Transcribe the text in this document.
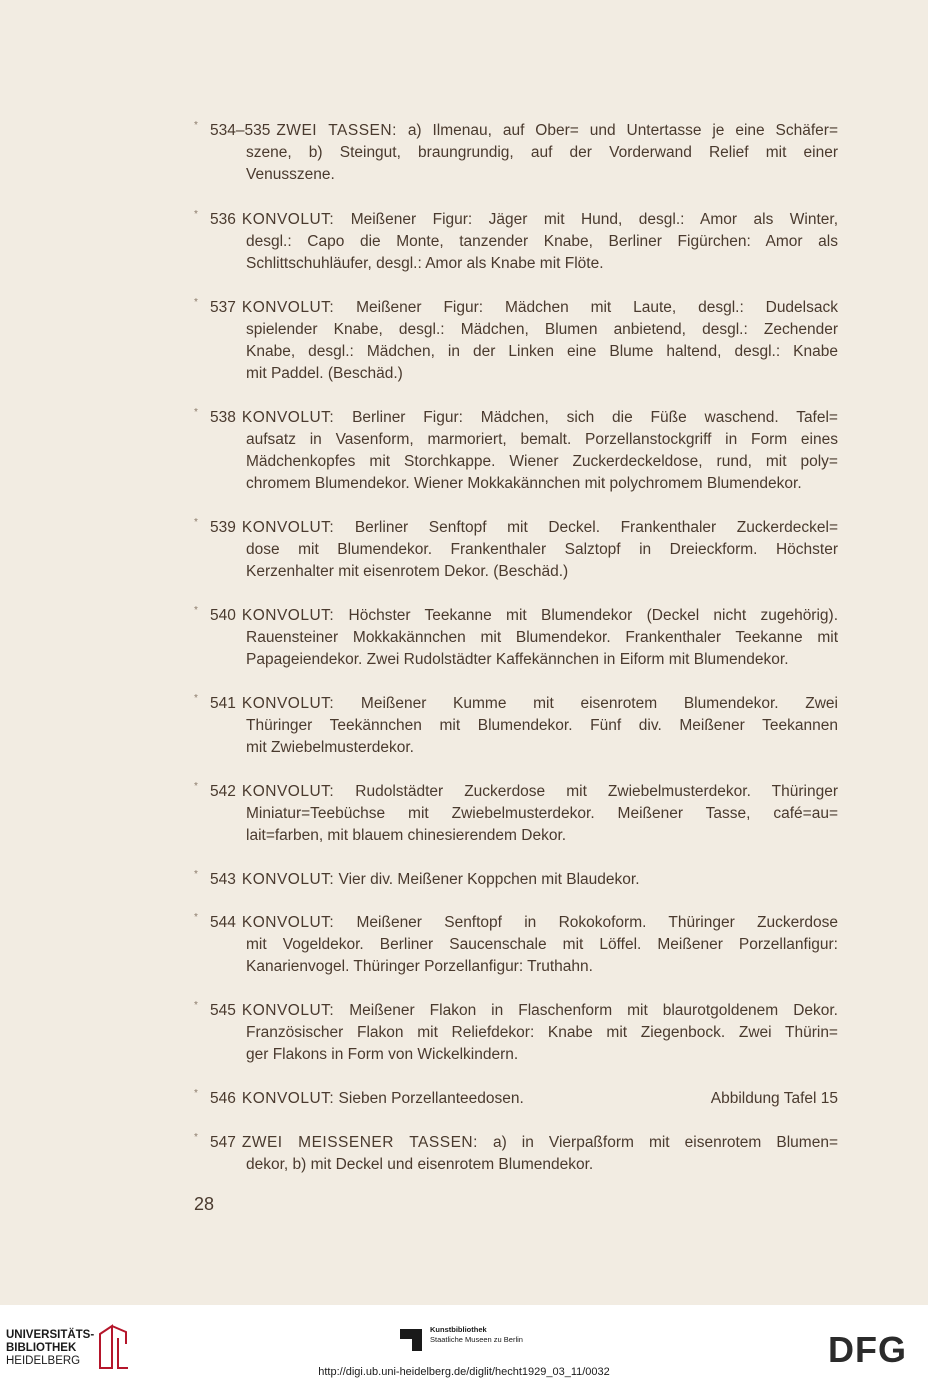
* 534–535 ZWEI TASSEN: a) Ilmenau, auf Ober= und Untertasse je eine Schäfer=
szene, b) Steingut, braungrundig, auf der Vorderwand Relief mit einer
Venusszene.
* 536 KONVOLUT: Meißener Figur: Jäger mit Hund, desgl.: Amor als Winter,
desgl.: Capo die Monte, tanzender Knabe, Berliner Figürchen: Amor als
Schlittschuhläufer, desgl.: Amor als Knabe mit Flöte.
* 537 KONVOLUT: Meißener Figur: Mädchen mit Laute, desgl.: Dudelsack
spielender Knabe, desgl.: Mädchen, Blumen anbietend, desgl.: Zechender
Knabe, desgl.: Mädchen, in der Linken eine Blume haltend, desgl.: Knabe
mit Paddel. (Beschäd.)
* 538 KONVOLUT: Berliner Figur: Mädchen, sich die Füße waschend. Tafel=
aufsatz in Vasenform, marmoriert, bemalt. Porzellanstockgriff in Form eines
Mädchenkopfes mit Storchkappe. Wiener Zuckerdeckeldose, rund, mit poly=
chromem Blumendekor. Wiener Mokkakännchen mit polychromem Blumendekor.
* 539 KONVOLUT: Berliner Senftopf mit Deckel. Frankenthaler Zuckerdeckel=
dose mit Blumendekor. Frankenthaler Salztopf in Dreieckform. Höchster
Kerzenhalter mit eisenrotem Dekor. (Beschäd.)
* 540 KONVOLUT: Höchster Teekanne mit Blumendekor (Deckel nicht zugehörig).
Rauensteiner Mokkakännchen mit Blumendekor. Frankenthaler Teekanne mit
Papageiendekor. Zwei Rudolstädter Kaffekännchen in Eiform mit Blumendekor.
* 541 KONVOLUT: Meißener Kumme mit eisenrotem Blumendekor. Zwei
Thüringer Teekännchen mit Blumendekor. Fünf div. Meißener Teekannen
mit Zwiebelmusterdekor.
* 542 KONVOLUT: Rudolstädter Zuckerdose mit Zwiebelmusterdekor. Thüringer
Miniatur=Teebüchse mit Zwiebelmusterdekor. Meißener Tasse, café=au=
lait=farben, mit blauem chinesierendem Dekor.
* 543 KONVOLUT: Vier div. Meißener Koppchen mit Blaudekor.
* 544 KONVOLUT: Meißener Senftopf in Rokokoform. Thüringer Zuckerdose
mit Vogeldekor. Berliner Saucenschale mit Löffel. Meißener Porzellanfigur:
Kanarienvogel. Thüringer Porzellanfigur: Truthahn.
* 545 KONVOLUT: Meißener Flakon in Flaschenform mit blaurotgoldenem Dekor.
Französischer Flakon mit Reliefdekor: Knabe mit Ziegenbock. Zwei Thürin=
ger Flakons in Form von Wickelkindern.
* 546 KONVOLUT: Sieben Porzellanteedosen.	Abbildung Tafel 15
* 547 ZWEI MEISSENER TASSEN: a) in Vierpaßform mit eisenrotem Blumen=
dekor, b) mit Deckel und eisenrotem Blumendekor.
28
UNIVERSITÄTS-
BIBLIOTHEK
HEIDELBERG
Kunstbibliothek
Staatliche Museen zu Berlin	DFG
http://digi.ub.uni-heidelberg.de/diglit/hecht1929_03_11/0032
